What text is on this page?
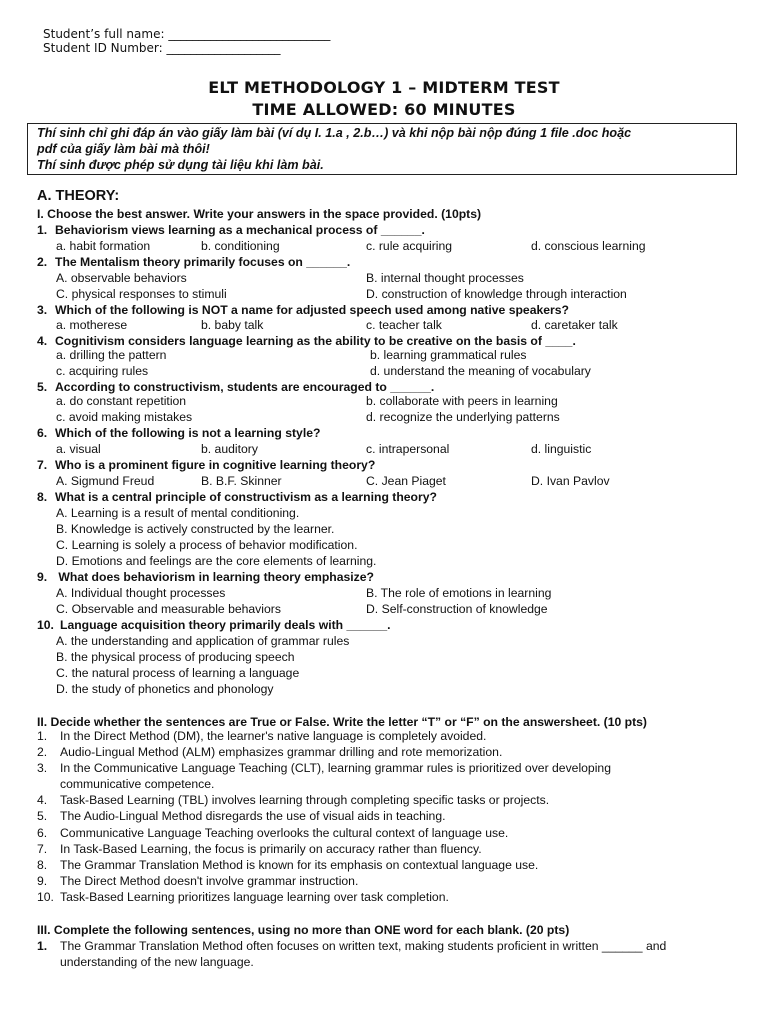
Student’s full name: ___________________________
Student ID Number: ___________________
ELT METHODOLOGY 1 – MIDTERM TEST
TIME ALLOWED: 60 MINUTES
Thí sinh chỉ ghi đáp án vào giấy làm bài (ví dụ I. 1.a , 2.b…) và khi nộp bài nộp đúng 1 file .doc hoặc
pdf của giấy làm bài mà thôi!
Thí sinh được phép sử dụng tài liệu khi làm bài.
A. THEORY:
I. Choose the best answer. Write your answers in the space provided. (10pts)
1. Behaviorism views learning as a mechanical process of ______.
a. habit formation	b. conditioning	c. rule acquiring	d. conscious learning
2. The Mentalism theory primarily focuses on ______.
A. observable behaviors	B. internal thought processes
C. physical responses to stimuli	D. construction of knowledge through interaction
3. Which of the following is NOT a name for adjusted speech used among native speakers?
a. motherese	b. baby talk	c. teacher talk	d. caretaker talk
4. Cognitivism considers language learning as the ability to be creative on the basis of ____.
a. drilling the pattern	b. learning grammatical rules
c. acquiring rules	d. understand the meaning of vocabulary
5. According to constructivism, students are encouraged to ______.
a. do constant repetition	b. collaborate with peers in learning
c. avoid making mistakes	d. recognize the underlying patterns
6. Which of the following is not a learning style?
a. visual	b. auditory	c. intrapersonal	d. linguistic
7. Who is a prominent figure in cognitive learning theory?
A. Sigmund Freud	B. B.F. Skinner	C. Jean Piaget	D. Ivan Pavlov
8. What is a central principle of constructivism as a learning theory?
A. Learning is a result of mental conditioning.
B. Knowledge is actively constructed by the learner.
C. Learning is solely a process of behavior modification.
D. Emotions and feelings are the core elements of learning.
9. What does behaviorism in learning theory emphasize?
A. Individual thought processes	B. The role of emotions in learning
C. Observable and measurable behaviors	D. Self-construction of knowledge
10. Language acquisition theory primarily deals with ______.
A. the understanding and application of grammar rules
B. the physical process of producing speech
C. the natural process of learning a language
D. the study of phonetics and phonology
II. Decide whether the sentences are True or False. Write the letter “T” or “F” on the answersheet. (10 pts)
1. In the Direct Method (DM), the learner's native language is completely avoided.
2. Audio-Lingual Method (ALM) emphasizes grammar drilling and rote memorization.
3. In the Communicative Language Teaching (CLT), learning grammar rules is prioritized over developing
communicative competence.
4. Task-Based Learning (TBL) involves learning through completing specific tasks or projects.
5. The Audio-Lingual Method disregards the use of visual aids in teaching.
6. Communicative Language Teaching overlooks the cultural context of language use.
7. In Task-Based Learning, the focus is primarily on accuracy rather than fluency.
8. The Grammar Translation Method is known for its emphasis on contextual language use.
9. The Direct Method doesn't involve grammar instruction.
10. Task-Based Learning prioritizes language learning over task completion.
III. Complete the following sentences, using no more than ONE word for each blank. (20 pts)
1. The Grammar Translation Method often focuses on written text, making students proficient in written ______ and
understanding of the new language.
